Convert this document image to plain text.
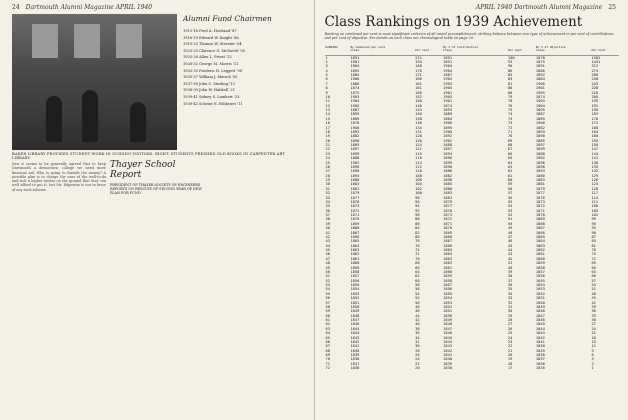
24 Dartmouth Alumni Magazine APRIL 1940
Alumni Fund Chairmen
1913-16 Fred A. Howland '87
1916-19 Edward W. Knight '86
1919-23 Thomas W. Streeter '04
1923-25 Clarence G. McDavitt '00
1925-28 Allen L. Priest '13
1928-32 George M. Morris '11
1932-35 Frederic H. Leggett '98
1935-37 William J. Minsch '05
1937-39 John C. Sterling '13
1938-39 John W. Hubbell '21
1939-41 Sidney S. Lambert '23
1939-42 Scheier E. Fabbrieri '11
BAKER LIBRARY PROVIDES STUDENT WORK IN GUIDING VISITORS. RIGHT, STUDENTS FRESHEN OLD BOOKS IN CARPENTER ART LIBRARY.

Saw it seems to be generally agreed that to keep Dartmouth a democratic college we need more financial aid. Who is going to furnish the money? A possible plan is to charge the sons of the well-to-do and rich a higher tuition on the ground that they can well afford to put it, but Mr. Edgerton is not in favor of any such scheme.

Thayer School Report
PRESIDENT OF THAYER SOCIETY OF ENGINEERS REPORTS ON RESULTS OF SECOND YEAR OF NEW PLAN FOR FUND
APRIL 1940 Dartmouth Alumni Magazine 25
Class Rankings on 1939 Achievement
Ranking on combined per cent is most significant criterion of all-round accomplishment, striking balance between size type of achievement in per cent of contributions and per cent of objective. For details on each class see chronological table on page 26.
RANKING	By Combined per cent		By % of Contributors		By % of Objective	
	Class	Per Cent	Class	Per Cent	Class	Per Cent
1	1891	211	1891	100	1878	1502
2	1901	194	1891	93	1875	1451
3	1904	188	1904	90	1891	312
4	1892	176	1904	86	1886	274
5	1884	171	1887	85	1892	260
6	1906	166	1904	83	1884	258
7	1886	161	1903	81	1906	243
8	1874	161	1905	80	1901	228
9	1875	160	1901	80	1905	218
10	1903	152	1905	79	1874	205
11	1904	150	1901	78	1903	195
12	1905	146	1874	76	1904	192
13	1887	143	1893	75	1895	190
14	1895	140	1889	74	1887	183
15	1889	138	1884	74	1889	178
16	1878	136	1906	73	1900	171
17	1900	134	1895	72	1882	168
18	1893	131	1900	71	1893	164
19	1882	128	1892	70	1890	160
20	1890	126	1902	69	1885	155
21	1885	124	1888	68	1897	150
22	1897	121	1897	67	1899	147
23	1899	119	1894	66	1888	144
24	1888	116	1896	65	1902	141
25	1902	114	1899	64	1896	138
26	1896	112	1890	63	1898	135
27	1898	110	1886	62	1894	132
28	1894	108	1882	61	1880	129
29	1880	106	1898	60	1883	126
30	1883	104	1885	59	1881	123
31	1881	102	1880	58	1879	120
32	1879	100	1883	57	1877	117
33	1877	98	1881	56	1876	114
34	1876	96	1879	55	1873	111
35	1873	94	1877	54	1872	108
36	1872	92	1876	53	1871	105
37	1871	90	1873	52	1870	102
38	1870	88	1872	51	1869	99
39	1869	86	1871	50	1868	96
40	1868	84	1870	49	1867	93
41	1867	82	1869	48	1866	90
42	1866	80	1868	47	1865	87
43	1865	78	1867	46	1864	84
44	1864	76	1866	45	1863	81
45	1863	74	1865	44	1862	78
46	1862	72	1864	43	1861	75
47	1861	70	1863	42	1860	72
48	1860	68	1862	41	1859	69
49	1859	66	1861	40	1858	66
50	1858	64	1860	39	1857	63
51	1857	62	1859	38	1856	60
52	1856	60	1858	37	1855	57
53	1855	58	1857	36	1854	54
54	1854	56	1856	35	1853	51
55	1853	54	1855	34	1852	48
56	1852	52	1854	33	1851	45
57	1851	50	1853	32	1850	42
58	1850	48	1852	31	1849	39
59	1849	46	1851	30	1848	36
60	1848	44	1850	29	1847	33
61	1847	42	1849	28	1846	30
62	1846	40	1848	27	1845	27
63	1845	38	1847	26	1844	24
64	1844	36	1846	25	1843	21
65	1843	34	1845	24	1842	18
66	1842	32	1844	23	1841	15
67	1841	30	1843	22	1840	12
68	1840	28	1842	21	1839	9
69	1839	26	1841	20	1838	6
70	1838	24	1840	19	1837	3
71	1837	22	1839	18	1836	2
72	1836	20	1838	17	1835	1
